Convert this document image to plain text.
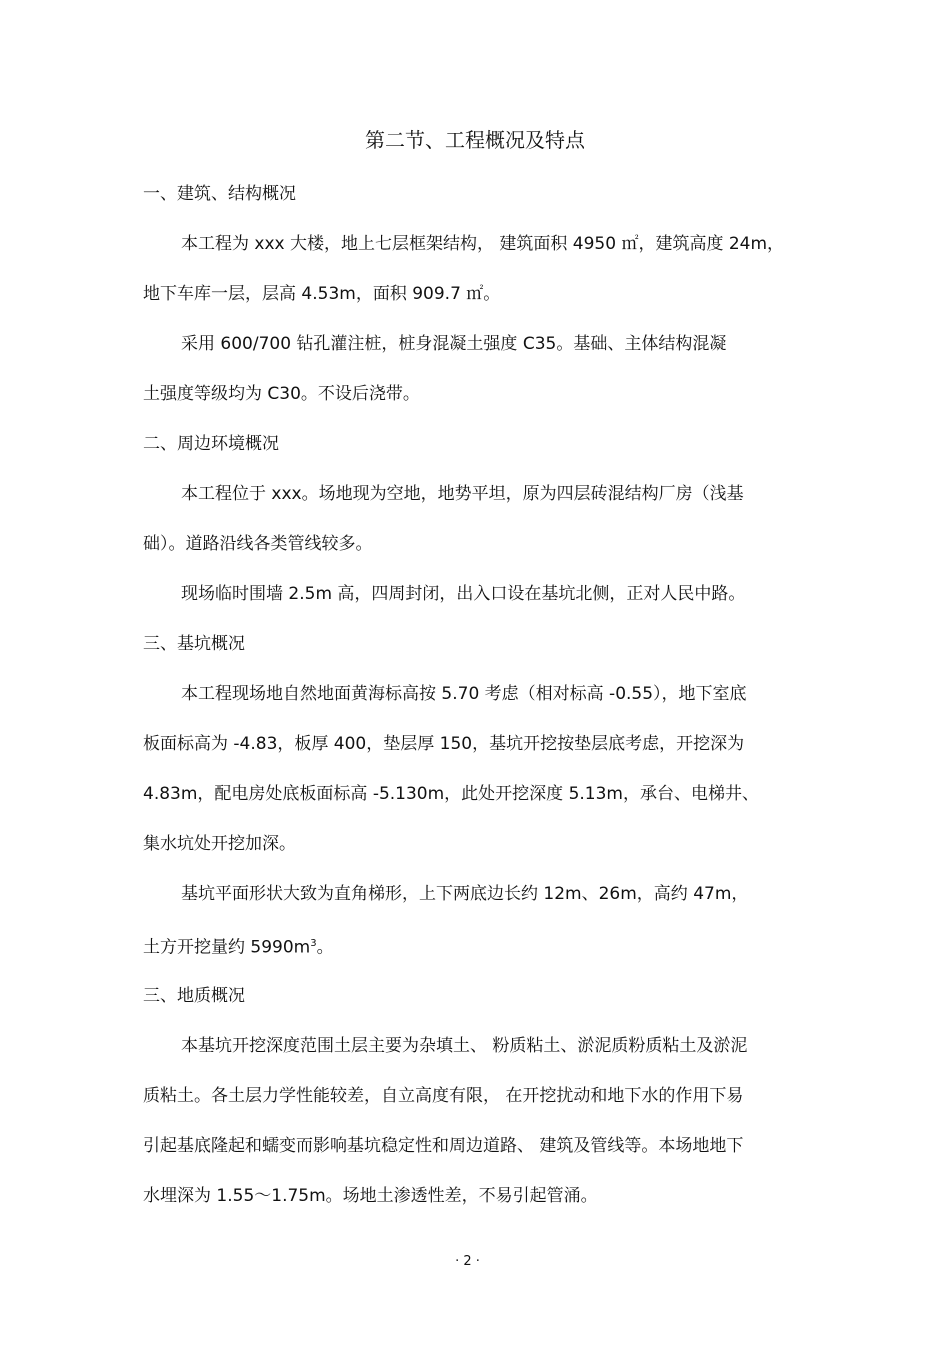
第二节、工程概况及特点
一、建筑、结构概况
本工程为 xxx 大楼，地上七层框架结构， 建筑面积 4950 ㎡，建筑高度 24m，
地下车库一层，层高 4.53m，面积 909.7 ㎡。
采用 600/700 钻孔灌注桩，桩身混凝土强度 C35。基础、主体结构混凝
土强度等级均为 C30。不设后浇带。
二、周边环境概况
本工程位于 xxx。场地现为空地，地势平坦，原为四层砖混结构厂房（浅基
础）。道路沿线各类管线较多。
现场临时围墙 2.5m 高，四周封闭，出入口设在基坑北侧，正对人民中路。
三、基坑概况
本工程现场地自然地面黄海标高按 5.70 考虑（相对标高 -0.55），地下室底
板面标高为 -4.83，板厚 400，垫层厚 150，基坑开挖按垫层底考虑，开挖深为
4.83m，配电房处底板面标高 -5.130m，此处开挖深度 5.13m，承台、电梯井、
集水坑处开挖加深。
基坑平面形状大致为直角梯形，上下两底边长约 12m、26m，高约 47m，
土方开挖量约 $5990m^3$。
三、地质概况
本基坑开挖深度范围土层主要为杂填土、 粉质粘土、淤泥质粉质粘土及淤泥
质粘土。各土层力学性能较差，自立高度有限， 在开挖扰动和地下水的作用下易
引起基底隆起和蠕变而影响基坑稳定性和周边道路、 建筑及管线等。本场地地下
水埋深为 1.55～1.75m。场地土渗透性差，不易引起管涌。
· 2 ·
